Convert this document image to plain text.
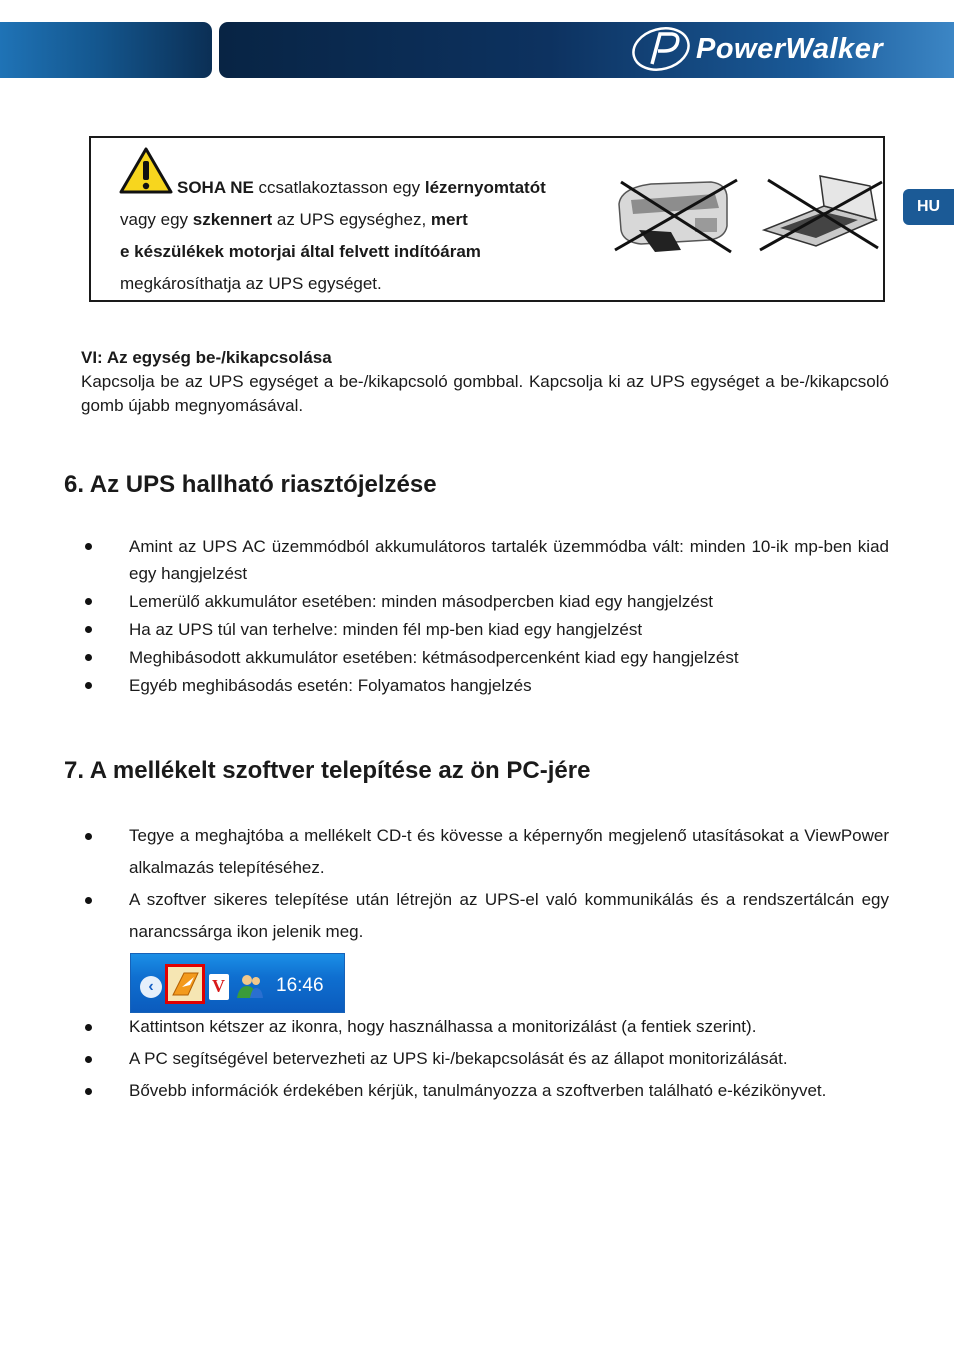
PowerWalker
HU
SOHA NE ccsatlakoztasson egy lézernyomtatót
vagy egy szkennert az UPS egységhez, mert
e készülékek motorjai által felvett indítóáram
megkárosíthatja az UPS egységet.
VI: Az egység be-/kikapcsolása

Kapcsolja be az UPS egységet a be-/kikapcsoló gombbal. Kapcsolja ki az UPS egységet a be-/kikapcsoló gomb újabb megnyomásával.

6. Az UPS hallható riasztójelzése
Amint az UPS AC üzemmódból akkumulátoros tartalék üzemmódba vált: minden 10-ik mp-ben kiad egy hangjelzést
Lemerülő akkumulátor esetében: minden másodpercben kiad egy hangjelzést
Ha az UPS túl van terhelve: minden fél mp-ben kiad egy hangjelzést
Meghibásodott akkumulátor esetében: kétmásodpercenként kiad egy hangjelzést
Egyéb meghibásodás esetén: Folyamatos hangjelzés
7. A mellékelt szoftver telepítése az ön PC-jére
Tegye a meghajtóba a mellékelt CD-t és kövesse a képernyőn megjelenő utasításokat a ViewPower alkalmazás telepítéséhez.
A szoftver sikeres telepítése után létrejön az UPS-el való kommunikálás és a rendszertálcán egy narancssárga ikon jelenik meg.
‹	V	16:46
Kattintson kétszer az ikonra, hogy használhassa a monitorizálást (a fentiek szerint).
A PC segítségével betervezheti az UPS ki-/bekapcsolását és az állapot monitorizálását.
Bővebb információk érdekében kérjük, tanulmányozza a szoftverben található e-kézikönyvet.
